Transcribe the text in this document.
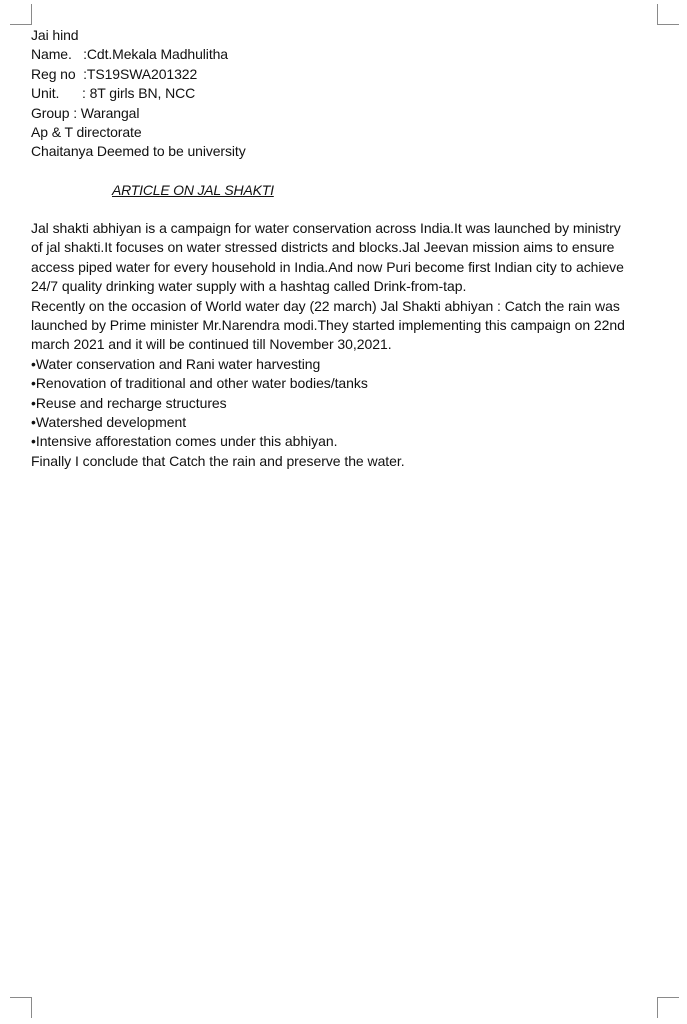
Jai hind
Name.   :Cdt.Mekala Madhulitha
Reg no  :TS19SWA201322
Unit.      : 8T girls BN, NCC
Group : Warangal
Ap & T directorate
Chaitanya Deemed to be university
ARTICLE ON JAL SHAKTI
Jal shakti abhiyan is a campaign for water conservation across India.It was launched by ministry
of jal shakti.It focuses on water stressed districts and blocks.Jal Jeevan mission aims to ensure
access piped water for every household in India.And now Puri become first Indian city to achieve
24/7 quality drinking water supply with a hashtag called Drink-from-tap.
Recently on the occasion of World water day (22 march) Jal Shakti abhiyan : Catch the rain was
launched by Prime minister Mr.Narendra modi.They started implementing this campaign on 22nd
march 2021 and it will be continued till November 30,2021.
•Water conservation and Rani water harvesting
•Renovation of traditional and other water bodies/tanks
•Reuse and recharge structures
•Watershed development
•Intensive afforestation comes under this abhiyan.
Finally I conclude that Catch the rain and preserve the water.
